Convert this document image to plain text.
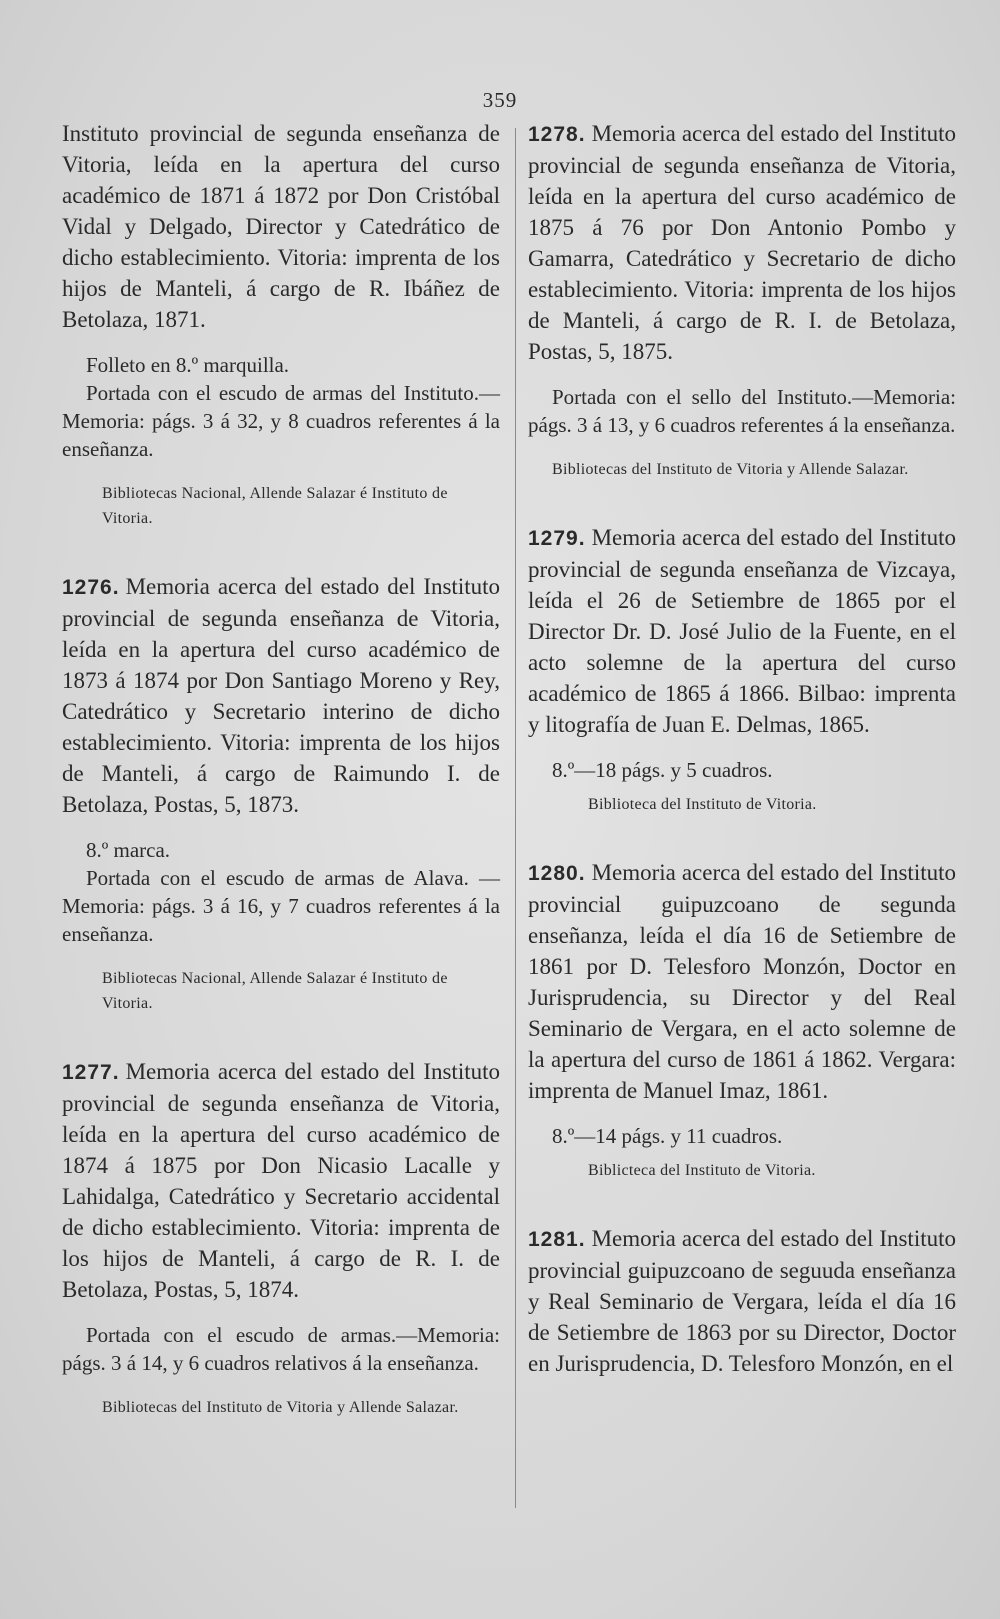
359

Instituto provincial de segunda enseñanza de Vitoria, leída en la apertura del curso académico de 1871 á 1872 por Don Cristóbal Vidal y Delgado, Director y Catedrático de dicho establecimiento. Vitoria: imprenta de los hijos de Manteli, á cargo de R. Ibáñez de Betolaza, 1871.

Folleto en 8.º marquilla.

Portada con el escudo de armas del Instituto.—Memoria: págs. 3 á 32, y 8 cuadros referentes á la enseñanza.

Bibliotecas Nacional, Allende Salazar é Instituto de Vitoria.

1276. Memoria acerca del estado del Instituto provincial de segunda enseñanza de Vitoria, leída en la apertura del curso académico de 1873 á 1874 por Don Santiago Moreno y Rey, Catedrático y Secretario interino de dicho establecimiento. Vitoria: imprenta de los hijos de Manteli, á cargo de Raimundo I. de Betolaza, Postas, 5, 1873.

8.º marca.

Portada con el escudo de armas de Alava. —Memoria: págs. 3 á 16, y 7 cuadros referentes á la enseñanza.

Bibliotecas Nacional, Allende Salazar é Instituto de Vitoria.

1277. Memoria acerca del estado del Instituto provincial de segunda enseñanza de Vitoria, leída en la apertura del curso académico de 1874 á 1875 por Don Nicasio Lacalle y Lahidalga, Catedrático y Secretario accidental de dicho establecimiento. Vitoria: imprenta de los hijos de Manteli, á cargo de R. I. de Betolaza, Postas, 5, 1874.

Portada con el escudo de armas.—Memoria: págs. 3 á 14, y 6 cuadros relativos á la enseñanza.

Bibliotecas del Instituto de Vitoria y Allende Salazar.

1278. Memoria acerca del estado del Instituto provincial de segunda enseñanza de Vitoria, leída en la apertura del curso académico de 1875 á 76 por Don Antonio Pombo y Gamarra, Catedrático y Secretario de dicho establecimiento. Vitoria: imprenta de los hijos de Manteli, á cargo de R. I. de Betolaza, Postas, 5, 1875.

Portada con el sello del Instituto.—Memoria: págs. 3 á 13, y 6 cuadros referentes á la enseñanza.

Bibliotecas del Instituto de Vitoria y Allende Salazar.

1279. Memoria acerca del estado del Instituto provincial de segunda enseñanza de Vizcaya, leída el 26 de Setiembre de 1865 por el Director Dr. D. José Julio de la Fuente, en el acto solemne de la apertura del curso académico de 1865 á 1866. Bilbao: imprenta y litografía de Juan E. Delmas, 1865.

8.º—18 págs. y 5 cuadros.

Biblioteca del Instituto de Vitoria.

1280. Memoria acerca del estado del Instituto provincial guipuzcoano de segunda enseñanza, leída el día 16 de Setiembre de 1861 por D. Telesforo Monzón, Doctor en Jurisprudencia, su Director y del Real Seminario de Vergara, en el acto solemne de la apertura del curso de 1861 á 1862. Vergara: imprenta de Manuel Imaz, 1861.

8.º—14 págs. y 11 cuadros.

Biblicteca del Instituto de Vitoria.

1281. Memoria acerca del estado del Instituto provincial guipuzcoano de seguuda enseñanza y Real Seminario de Vergara, leída el día 16 de Setiembre de 1863 por su Director, Doctor en Jurisprudencia, D. Telesforo Monzón, en el
